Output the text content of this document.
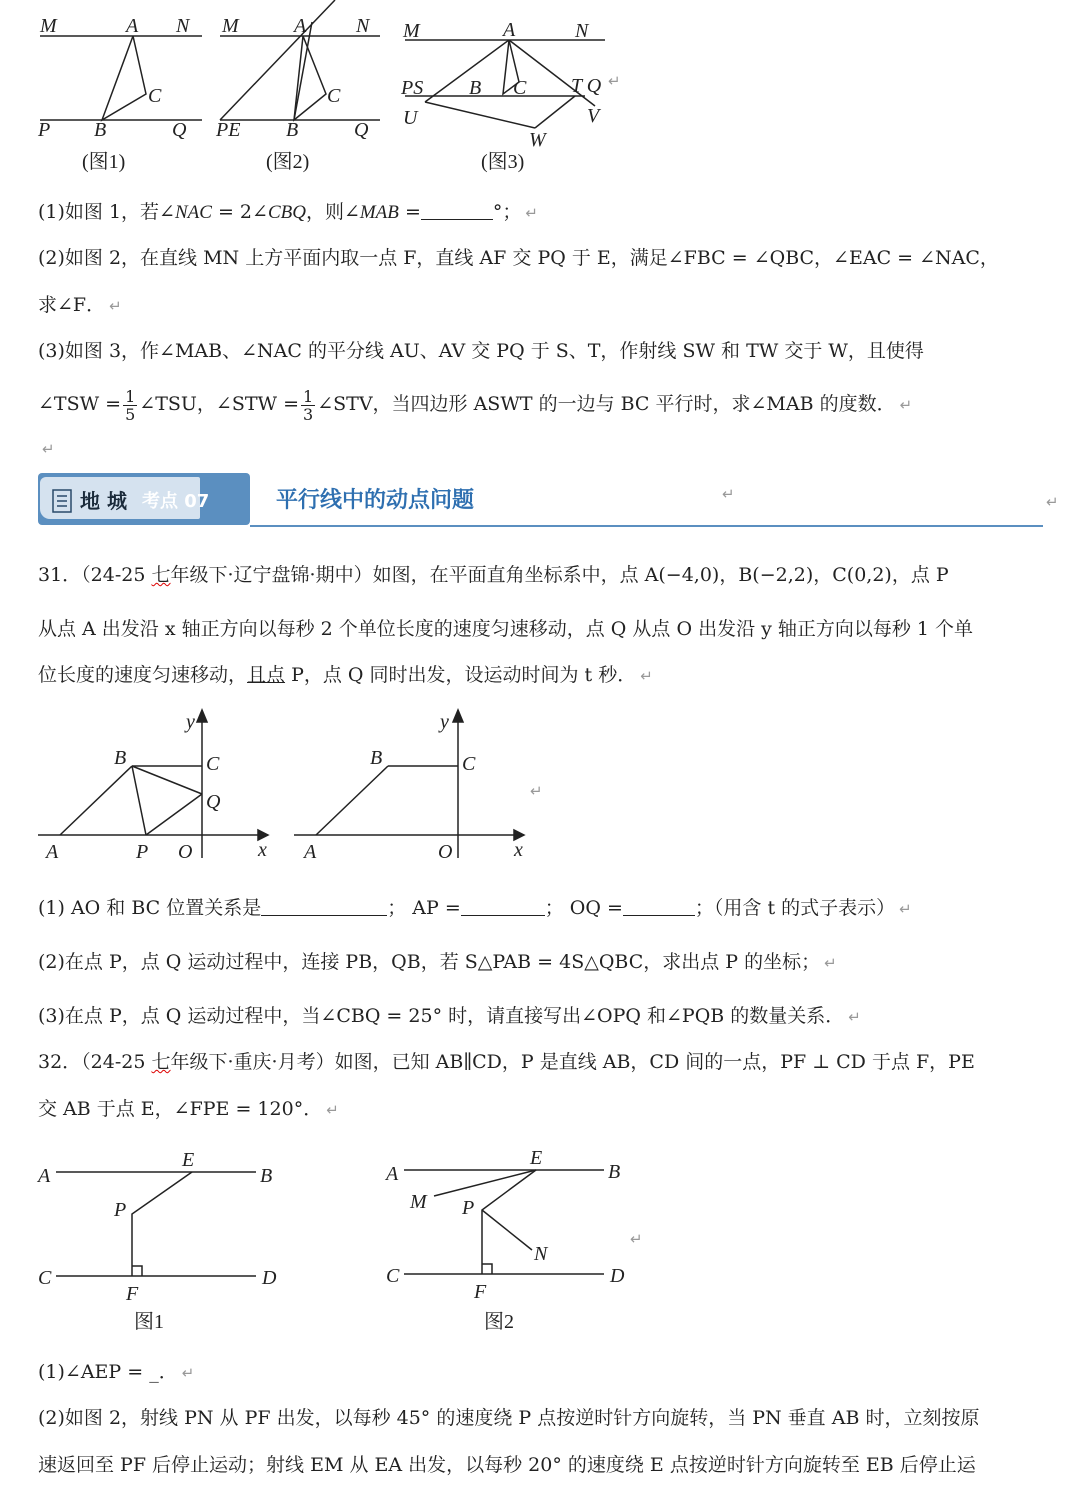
M	A N
C
P B	Q
(图1)
M	A N
C
PE B	Q
(图2)
M	A	N
PS B C T Q
U	V
W
(图3)
↵
(1)如图 1，若∠NAC = 2∠CBQ，则∠MAB =	°； ↵
(2)如图 2，在直线 MN 上方平面内取一点 F，直线 AF 交 PQ 于 E，满足∠FBC = ∠QBC，∠EAC = ∠NAC，
求∠F． ↵
(3)如图 3，作∠MAB、∠NAC 的平分线 AU、AV 交 PQ 于 S、T，作射线 SW 和 TW 交于 W，且使得
∠TSW = $\frac{1}{5}$ ∠TSU，∠STW = $\frac{1}{3}$ ∠STV，当四边形 ASWT 的一边与 BC 平行时，求∠MAB 的度数． ↵
↵
地 城 考点 07	平行线中的动点问题	↵	↵
31．（24-25 七年级下·辽宁盘锦·期中）如图，在平面直角坐标系中，点 A(−4,0)，B(−2,2)，C(0,2)，点 P
从点 A 出发沿 x 轴正方向以每秒 2 个单位长度的速度匀速移动，点 Q 从点 O 出发沿 y 轴正方向以每秒 1 个单
位长度的速度匀速移动，且点 P，点 Q 同时出发，设运动时间为 t 秒． ↵
y
B	C
Q
A	P O	x
y
B	C
A	O	x
↵
(1) AO 和 BC 位置关系是	； AP =	； OQ =	；（用含 t 的式子表示） ↵
(2)在点 P，点 Q 运动过程中，连接 PB，QB，若 S△PAB = 4S△QBC，求出点 P 的坐标； ↵
(3)在点 P，点 Q 运动过程中，当∠CBQ = 25° 时，请直接写出∠OPQ 和∠PQB 的数量关系． ↵
32．（24-25 七年级下·重庆·月考）如图，已知 AB∥CD，P 是直线 AB，CD 间的一点，PF ⊥ CD 于点 F，PE
交 AB 于点 E，∠FPE = 120°． ↵
A
E
B
P
C
F
D
图1
A
E
B
M P
N
C
F
D
图2
↵
(1)∠AEP = _． ↵
(2)如图 2，射线 PN 从 PF 出发，以每秒 45° 的速度绕 P 点按逆时针方向旋转，当 PN 垂直 AB 时，立刻按原
速返回至 PF 后停止运动；射线 EM 从 EA 出发，以每秒 20° 的速度绕 E 点按逆时针方向旋转至 EB 后停止运
